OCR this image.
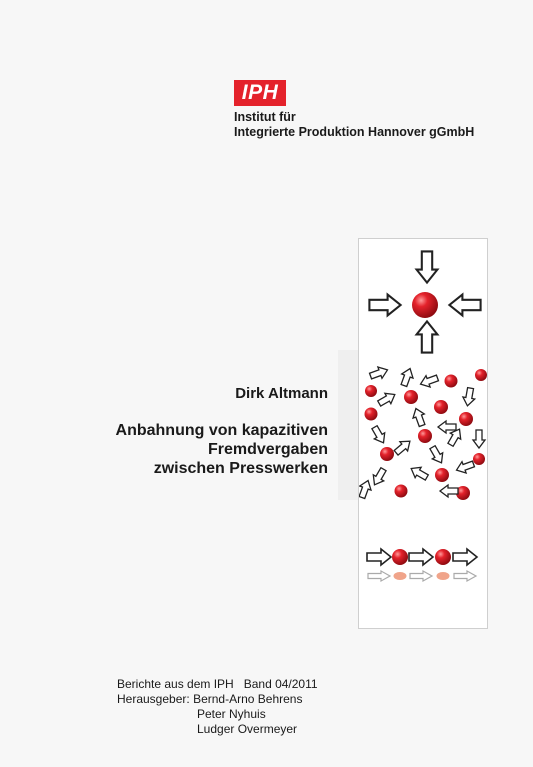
IPH
Institut für
Integrierte Produktion Hannover gGmbH
Dirk Altmann
Anbahnung von kapazitiven
Fremdvergaben
zwischen Presswerken
Berichte aus dem IPH Band 04/2011
Herausgeber: Bernd-Arno Behrens
Peter Nyhuis
Ludger Overmeyer
